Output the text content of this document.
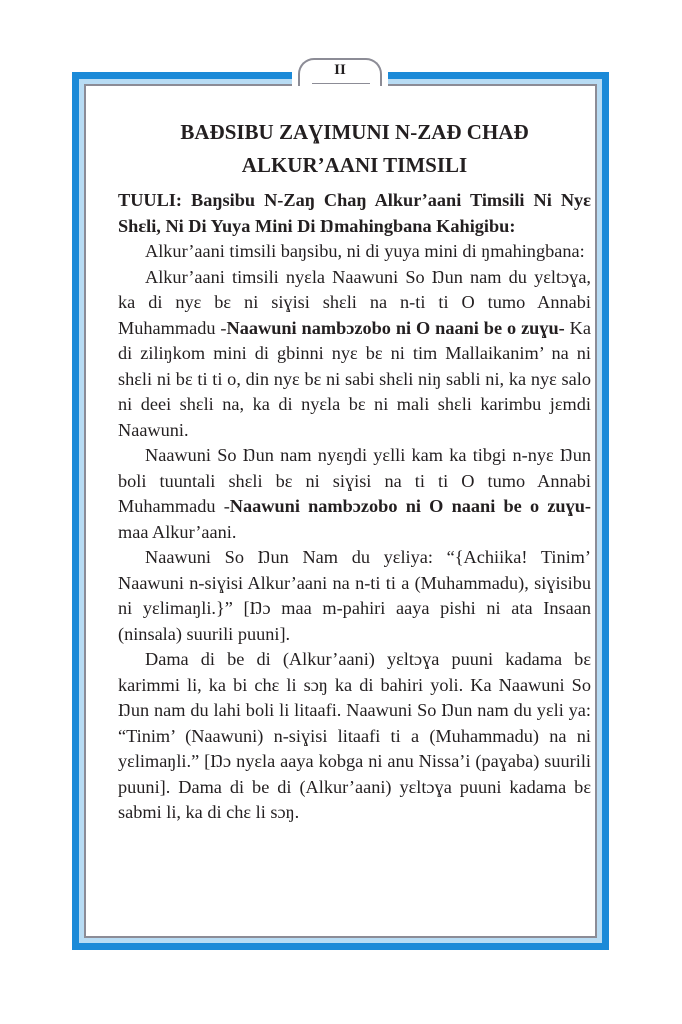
II
BAƉSIBU ZAƔIMUNI N-ZAƉ CHAƉ
ALKUR’AANI TIMSILI
TUULI: Baŋsibu N-Zaŋ Chaŋ Alkur’aani Timsili Ni Nyɛ Shɛli, Ni Di Yuya Mini Di Ŋmahingbana Kahigibu:

Alkur’aani timsili baŋsibu, ni di yuya mini di ŋmahingbana:

Alkur’aani timsili nyɛla Naawuni So Ŋun nam du yɛltɔɣa, ka di nyɛ bɛ ni siɣisi shɛli na n-ti ti O tumo Annabi Muhammadu -Naawuni nambɔzobo ni O naani be o zuɣu- Ka di ziliŋkom mini di gbinni nyɛ bɛ ni tim Mallaikanim’ na ni shɛli ni bɛ ti ti o, din nyɛ bɛ ni sabi shɛli niŋ sabli ni, ka nyɛ salo ni deei shɛli na, ka di nyɛla bɛ ni mali shɛli karimbu jɛmdi Naawuni.

Naawuni So Ŋun nam nyɛŋdi yɛlli kam ka tibgi n-nyɛ Ŋun boli tuuntali shɛli bɛ ni siɣisi na ti ti O tumo Annabi Muhammadu -Naawuni nambɔzobo ni O naani be o zuɣu- maa Alkur’aani.

Naawuni So Ŋun Nam du yɛliya: “{Achiika! Tinim’ Naawuni n-siɣisi Alkur’aani na n-ti ti a (Muhammadu), siɣisibu ni yɛlimaŋli.}” [Ŋɔ maa m-pahiri aaya pishi ni ata Insaan (ninsala) suurili puuni].

Dama di be di (Alkur’aani) yɛltɔɣa puuni kadama bɛ karimmi li, ka bi chɛ li sɔŋ ka di bahiri yoli. Ka Naawuni So Ŋun nam du lahi boli li litaafi. Naawuni So Ŋun nam du yɛli ya: “Tinim’ (Naawuni) n-siɣisi litaafi ti a (Muhammadu) na ni yɛlimaŋli.” [Ŋɔ nyɛla aaya kobga ni anu Nissa’i (paɣaba) suurili puuni]. Dama di be di (Alkur’aani) yɛltɔɣa puuni kadama bɛ sabmi li, ka di chɛ li sɔŋ.
